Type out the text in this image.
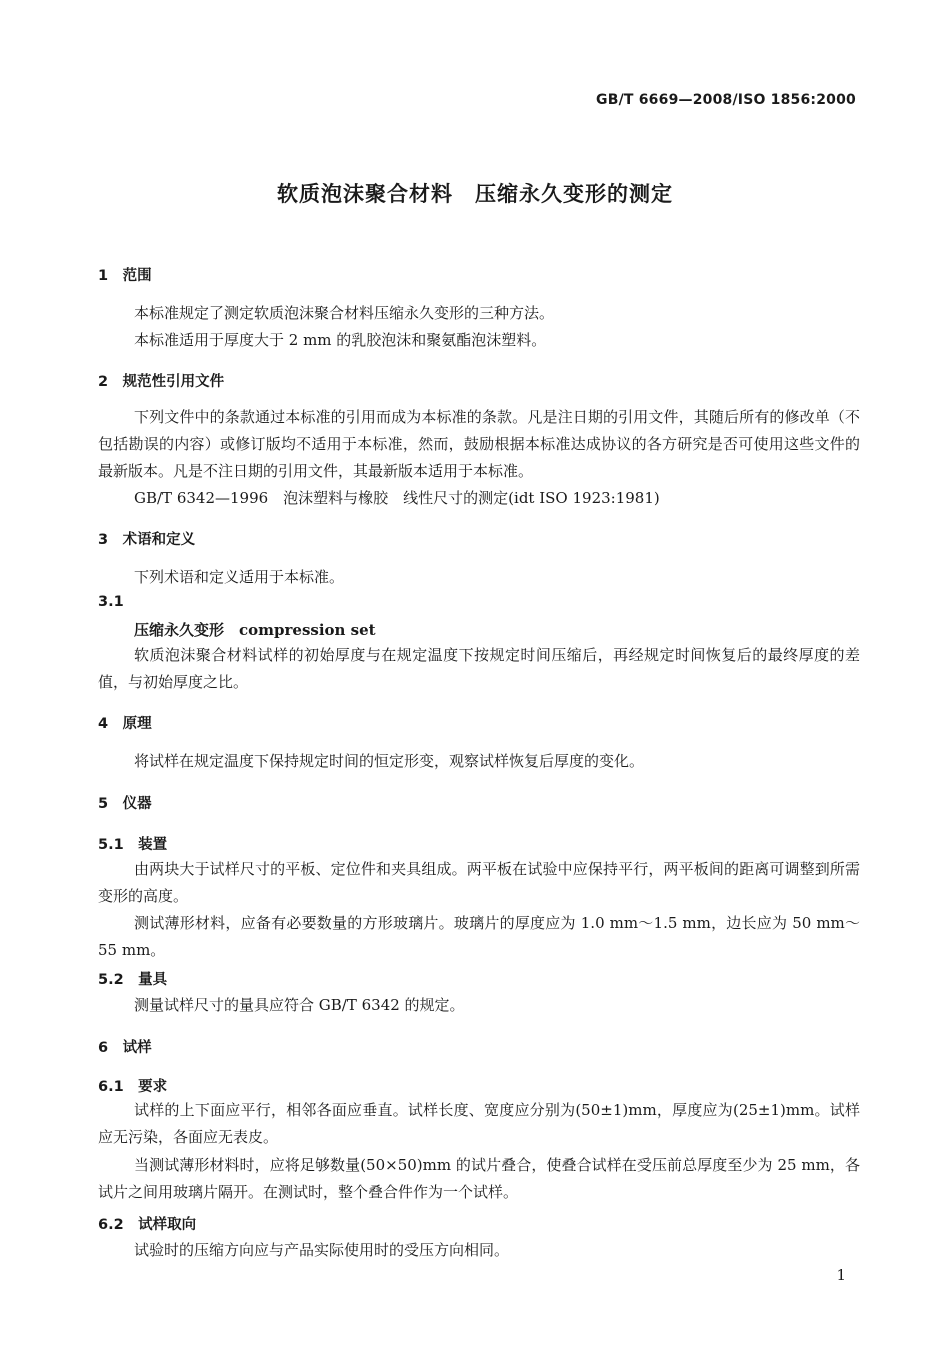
GB/T 6669—2008/ISO 1856:2000
软质泡沫聚合材料　压缩永久变形的测定
1　范围
本标准规定了测定软质泡沫聚合材料压缩永久变形的三种方法。
本标准适用于厚度大于 2 mm 的乳胶泡沫和聚氨酯泡沫塑料。
2　规范性引用文件
下列文件中的条款通过本标准的引用而成为本标准的条款。凡是注日期的引用文件，其随后所有的修改单（不包括勘误的内容）或修订版均不适用于本标准，然而，鼓励根据本标准达成协议的各方研究是否可使用这些文件的最新版本。凡是不注日期的引用文件，其最新版本适用于本标准。
GB/T 6342—1996　泡沫塑料与橡胶　线性尺寸的测定(idt ISO 1923:1981)
3　术语和定义
下列术语和定义适用于本标准。
3.1
压缩永久变形　compression set
软质泡沫聚合材料试样的初始厚度与在规定温度下按规定时间压缩后，再经规定时间恢复后的最终厚度的差值，与初始厚度之比。
4　原理
将试样在规定温度下保持规定时间的恒定形变，观察试样恢复后厚度的变化。
5　仪器
5.1　装置
由两块大于试样尺寸的平板、定位件和夹具组成。两平板在试验中应保持平行，两平板间的距离可调整到所需变形的高度。
测试薄形材料，应备有必要数量的方形玻璃片。玻璃片的厚度应为 1.0 mm～1.5 mm，边长应为 50 mm～55 mm。
5.2　量具
测量试样尺寸的量具应符合 GB/T 6342 的规定。
6　试样
6.1　要求
试样的上下面应平行，相邻各面应垂直。试样长度、宽度应分别为(50±1)mm，厚度应为(25±1)mm。试样应无污染，各面应无表皮。
当测试薄形材料时，应将足够数量(50×50)mm 的试片叠合，使叠合试样在受压前总厚度至少为 25 mm，各试片之间用玻璃片隔开。在测试时，整个叠合件作为一个试样。
6.2　试样取向
试验时的压缩方向应与产品实际使用时的受压方向相同。
1
